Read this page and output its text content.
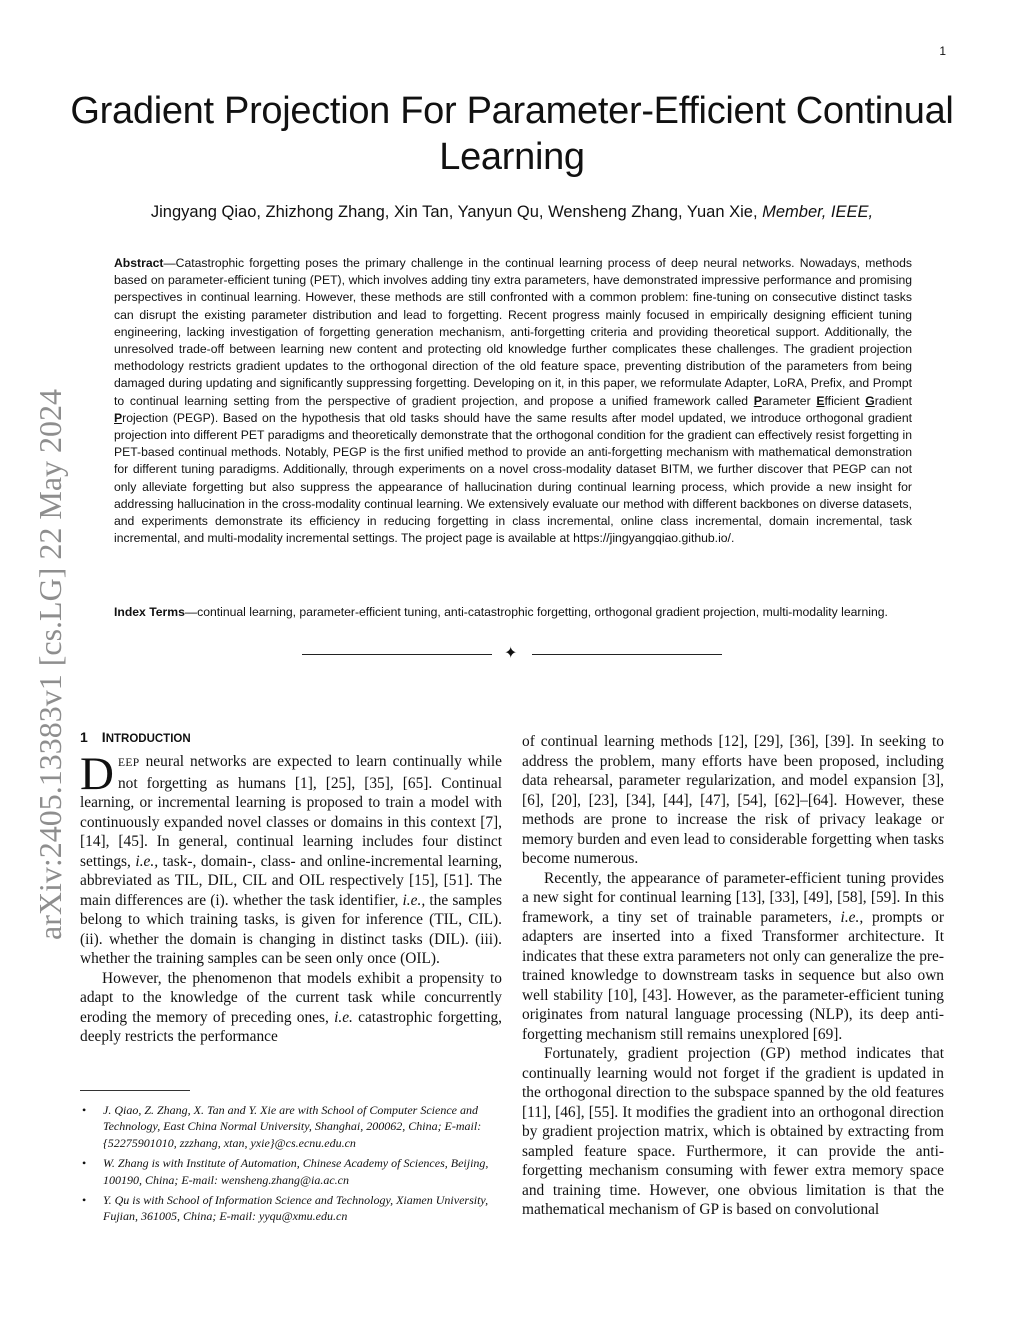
1
Gradient Projection For Parameter-Efficient Continual Learning
Jingyang Qiao, Zhizhong Zhang, Xin Tan, Yanyun Qu, Wensheng Zhang, Yuan Xie, Member, IEEE,

Abstract—Catastrophic forgetting poses the primary challenge in the continual learning process of deep neural networks. Nowadays, methods based on parameter-efficient tuning (PET), which involves adding tiny extra parameters, have demonstrated impressive performance and promising perspectives in continual learning. However, these methods are still confronted with a common problem: fine-tuning on consecutive distinct tasks can disrupt the existing parameter distribution and lead to forgetting. Recent progress mainly focused in empirically designing efficient tuning engineering, lacking investigation of forgetting generation mechanism, anti-forgetting criteria and providing theoretical support. Additionally, the unresolved trade-off between learning new content and protecting old knowledge further complicates these challenges. The gradient projection methodology restricts gradient updates to the orthogonal direction of the old feature space, preventing distribution of the parameters from being damaged during updating and significantly suppressing forgetting. Developing on it, in this paper, we reformulate Adapter, LoRA, Prefix, and Prompt to continual learning setting from the perspective of gradient projection, and propose a unified framework called Parameter Efficient Gradient Projection (PEGP). Based on the hypothesis that old tasks should have the same results after model updated, we introduce orthogonal gradient projection into different PET paradigms and theoretically demonstrate that the orthogonal condition for the gradient can effectively resist forgetting in PET-based continual methods. Notably, PEGP is the first unified method to provide an anti-forgetting mechanism with mathematical demonstration for different tuning paradigms. Additionally, through experiments on a novel cross-modality dataset BITM, we further discover that PEGP can not only alleviate forgetting but also suppress the appearance of hallucination during continual learning process, which provide a new insight for addressing hallucination in the cross-modality continual learning. We extensively evaluate our method with different backbones on diverse datasets, and experiments demonstrate its efficiency in reducing forgetting in class incremental, online class incremental, domain incremental, task incremental, and multi-modality incremental settings. The project page is available at https://jingyangqiao.github.io/.

Index Terms—continual learning, parameter-efficient tuning, anti-catastrophic forgetting, orthogonal gradient projection, multi-modality learning.

✦
1 INTRODUCTION

DEEP neural networks are expected to learn continually while not forgetting as humans [1], [25], [35], [65]. Continual learning, or incremental learning is proposed to train a model with continuously expanded novel classes or domains in this context [7], [14], [45]. In general, continual learning includes four distinct settings, i.e., task-, domain-, class- and online-incremental learning, abbreviated as TIL, DIL, CIL and OIL respectively [15], [51]. The main differences are (i). whether the task identifier, i.e., the samples belong to which training tasks, is given for inference (TIL, CIL). (ii). whether the domain is changing in distinct tasks (DIL). (iii). whether the training samples can be seen only once (OIL).

However, the phenomenon that models exhibit a propensity to adapt to the knowledge of the current task while concurrently eroding the memory of preceding ones, i.e. catastrophic forgetting, deeply restricts the performance

• J. Qiao, Z. Zhang, X. Tan and Y. Xie are with School of Computer Science and Technology, East China Normal University, Shanghai, 200062, China; E-mail: {52275901010, zzzhang, xtan, yxie}@cs.ecnu.edu.cn
• W. Zhang is with Institute of Automation, Chinese Academy of Sciences, Beijing, 100190, China; E-mail: wensheng.zhang@ia.ac.cn
• Y. Qu is with School of Information Science and Technology, Xiamen University, Fujian, 361005, China; E-mail: yyqu@xmu.edu.cn

of continual learning methods [12], [29], [36], [39]. In seeking to address the problem, many efforts have been proposed, including data rehearsal, parameter regularization, and model expansion [3], [6], [20], [23], [34], [44], [47], [54], [62]–[64]. However, these methods are prone to increase the risk of privacy leakage or memory burden and even lead to considerable forgetting when tasks become numerous.

Recently, the appearance of parameter-efficient tuning provides a new sight for continual learning [13], [33], [49], [58], [59]. In this framework, a tiny set of trainable parameters, i.e., prompts or adapters are inserted into a fixed Transformer architecture. It indicates that these extra parameters not only can generalize the pre-trained knowledge to downstream tasks in sequence but also own well stability [10], [43]. However, as the parameter-efficient tuning originates from natural language processing (NLP), its deep anti-forgetting mechanism still remains unexplored [69].

Fortunately, gradient projection (GP) method indicates that continually learning would not forget if the gradient is updated in the orthogonal direction to the subspace spanned by the old features [11], [46], [55]. It modifies the gradient into an orthogonal direction by gradient projection matrix, which is obtained by extracting from sampled feature space. Furthermore, it can provide the anti-forgetting mechanism consuming with fewer extra memory space and training time. However, one obvious limitation is that the mathematical mechanism of GP is based on convolutional

arXiv:2405.13383v1 [cs.LG] 22 May 2024
